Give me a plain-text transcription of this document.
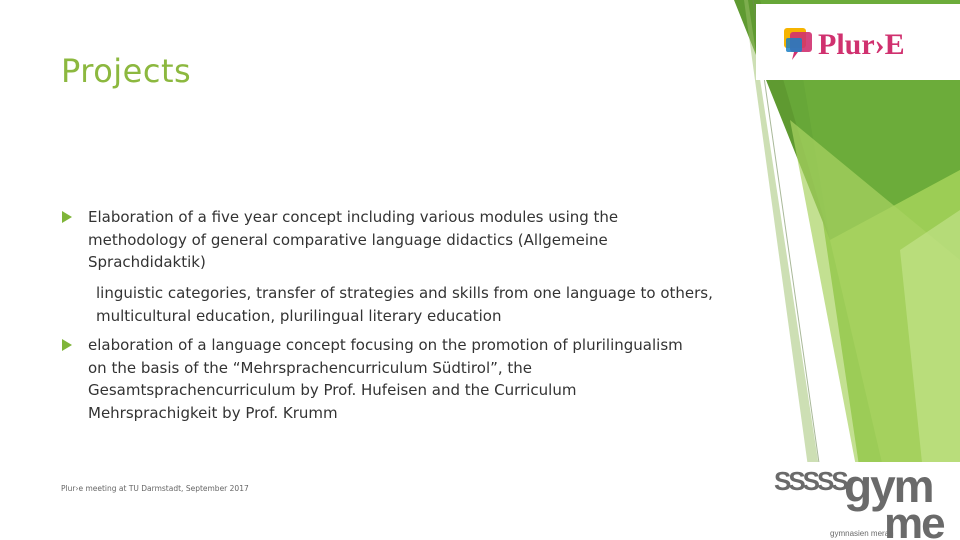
Plur›E
Projects
Elaboration of a five year concept including various modules using the methodology of general comparative language didactics (Allgemeine Sprachdidaktik)
linguistic categories, transfer of strategies and skills from one language to others, multicultural education, plurilingual literary education
elaboration of a language concept focusing on the promotion of plurilingualism on the basis of the “Mehrsprachencurriculum Südtirol”, the Gesamtsprachencurriculum by Prof. Hufeisen and the Curriculum Mehrsprachigkeit by Prof. Krumm
Plur›e meeting at TU Darmstadt, September 2017	SSSSS
gym
me
gymnasien meran
